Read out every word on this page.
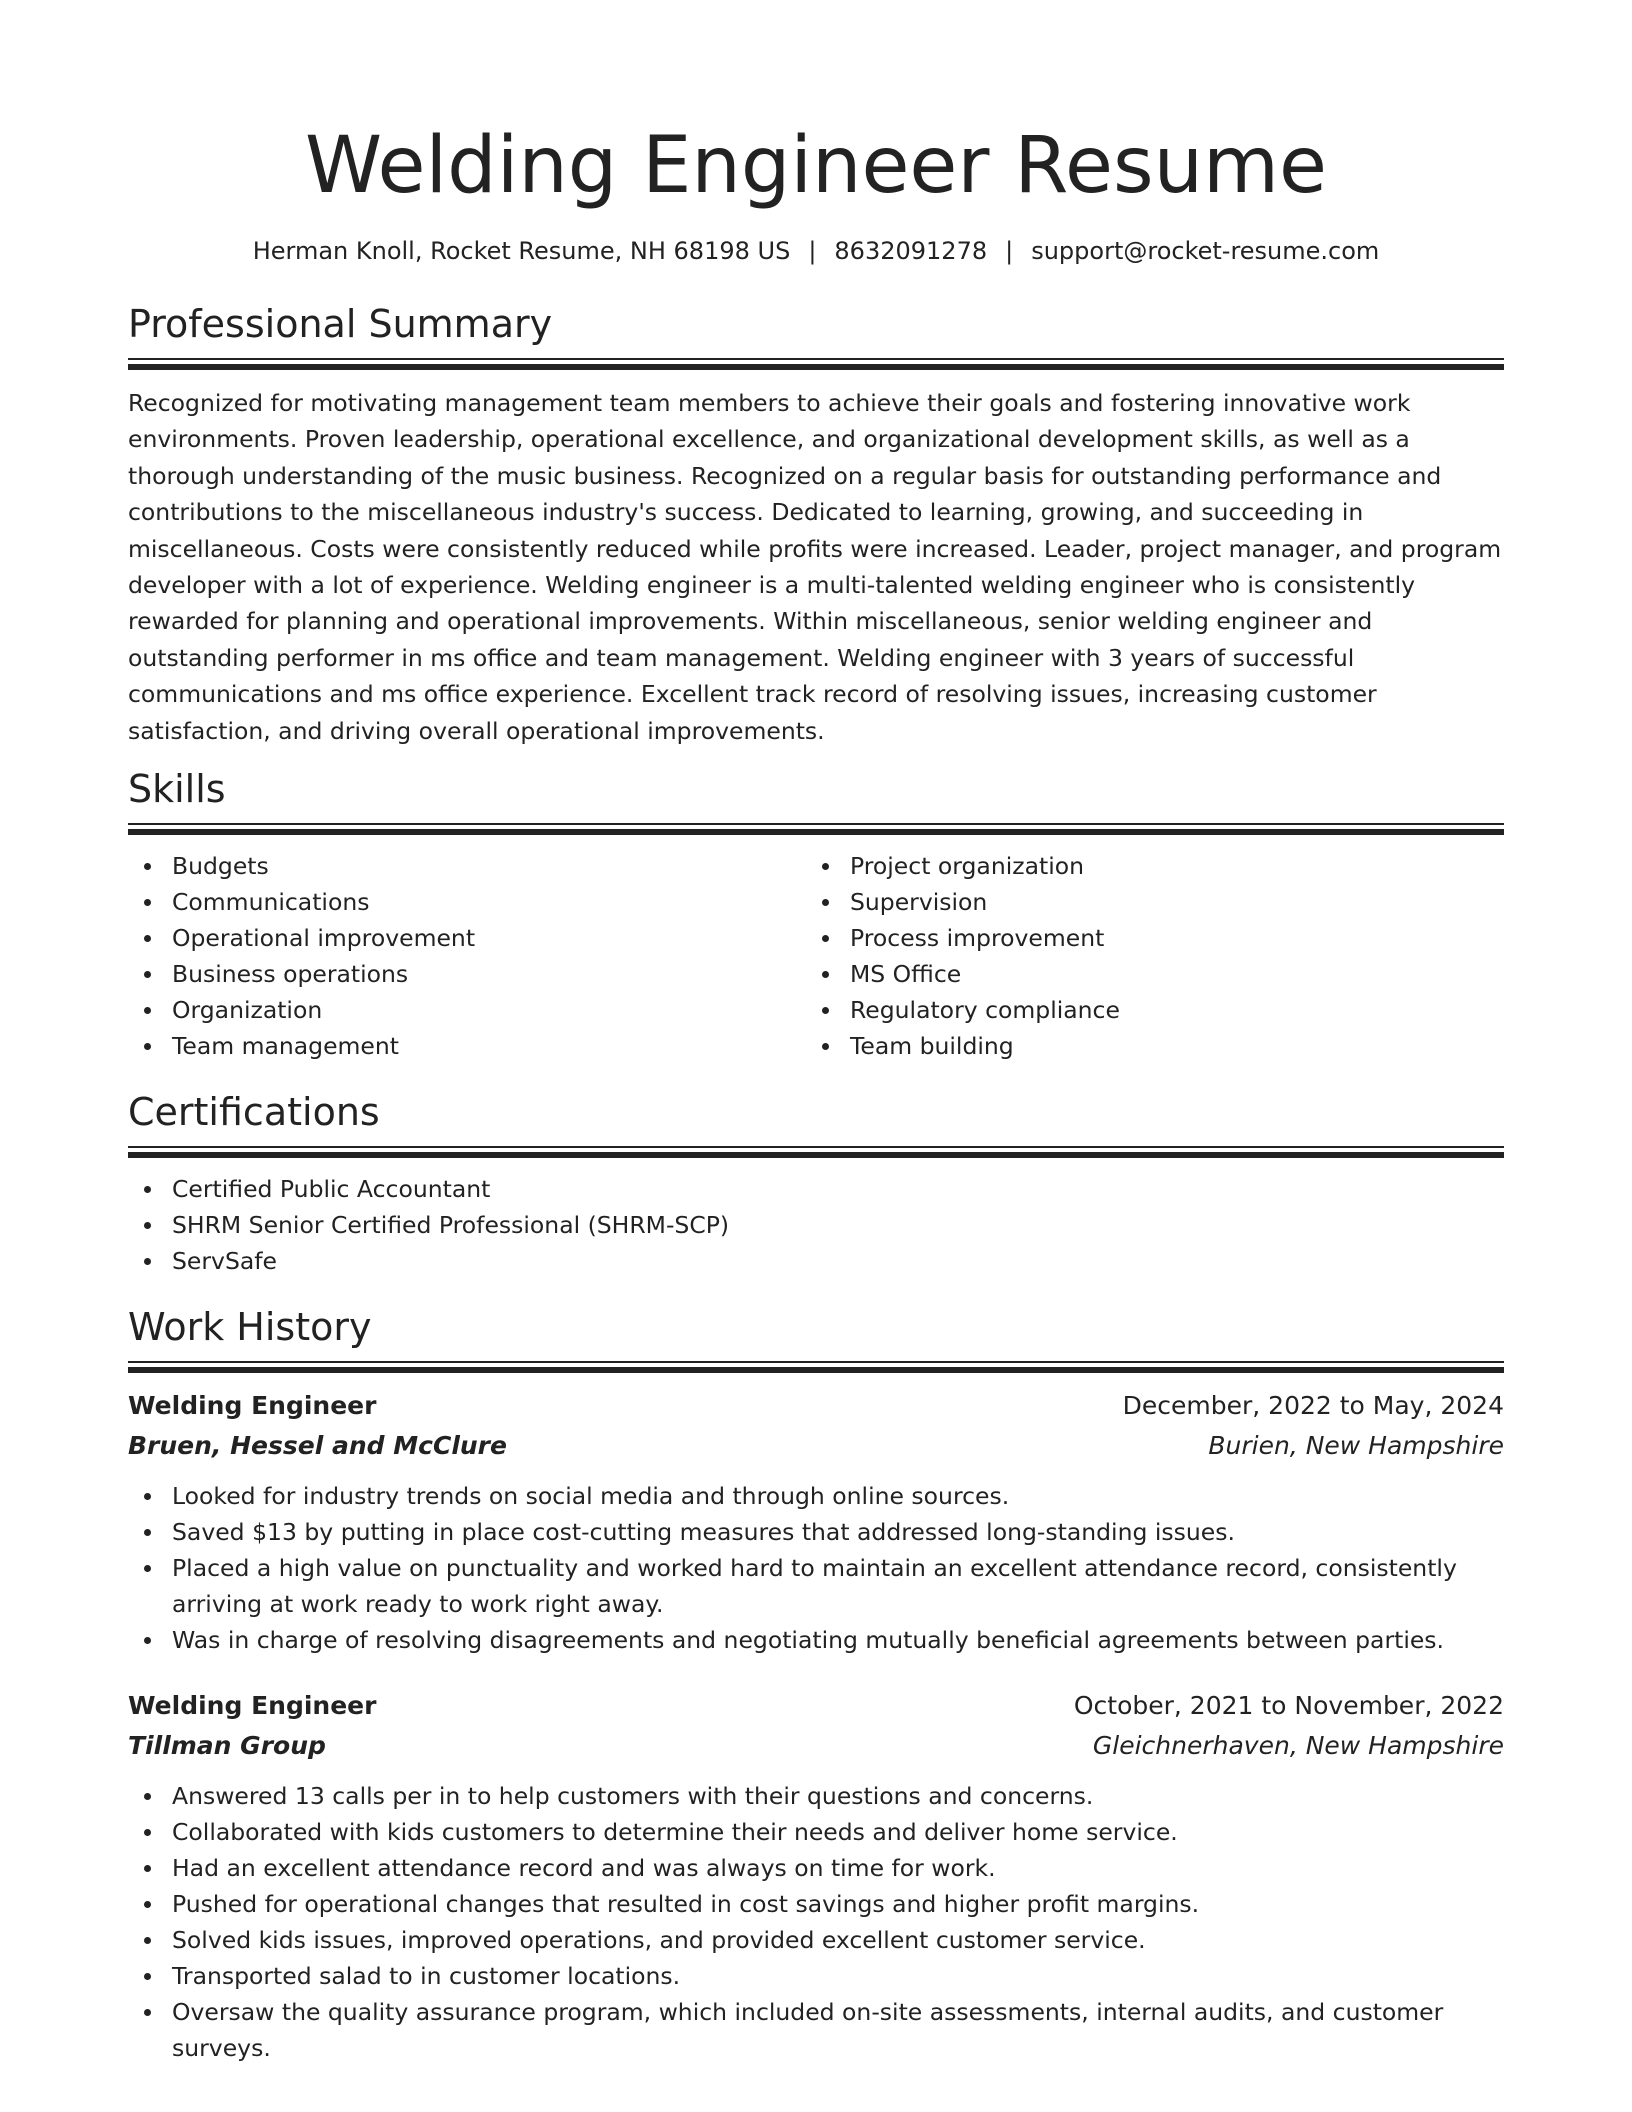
Welding Engineer Resume
Herman Knoll, Rocket Resume, NH 68198 US | 8632091278 | support@rocket-resume.com
Professional Summary

Recognized for motivating management team members to achieve their goals and fostering innovative work environments. Proven leadership, operational excellence, and organizational development skills, as well as a thorough understanding of the music business. Recognized on a regular basis for outstanding performance and contributions to the miscellaneous industry's success. Dedicated to learning, growing, and succeeding in miscellaneous. Costs were consistently reduced while profits were increased. Leader, project manager, and program developer with a lot of experience. Welding engineer is a multi-talented welding engineer who is consistently rewarded for planning and operational improvements. Within miscellaneous, senior welding engineer and outstanding performer in ms office and team management. Welding engineer with 3 years of successful communications and ms office experience. Excellent track record of resolving issues, increasing customer satisfaction, and driving overall operational improvements.

Skills
Budgets
Communications
Operational improvement
Business operations
Organization
Team management
Project organization
Supervision
Process improvement
MS Office
Regulatory compliance
Team building
Certifications
Certified Public Accountant
SHRM Senior Certified Professional (SHRM-SCP)
ServSafe
Work History
Welding Engineer	December, 2022 to May, 2024
Bruen, Hessel and McClure	Burien, New Hampshire
Looked for industry trends on social media and through online sources.
Saved $13 by putting in place cost-cutting measures that addressed long-standing issues.
Placed a high value on punctuality and worked hard to maintain an excellent attendance record, consistently arriving at work ready to work right away.
Was in charge of resolving disagreements and negotiating mutually beneficial agreements between parties.
Welding Engineer	October, 2021 to November, 2022
Tillman Group	Gleichnerhaven, New Hampshire
Answered 13 calls per in to help customers with their questions and concerns.
Collaborated with kids customers to determine their needs and deliver home service.
Had an excellent attendance record and was always on time for work.
Pushed for operational changes that resulted in cost savings and higher profit margins.
Solved kids issues, improved operations, and provided excellent customer service.
Transported salad to in customer locations.
Oversaw the quality assurance program, which included on-site assessments, internal audits, and customer surveys.
